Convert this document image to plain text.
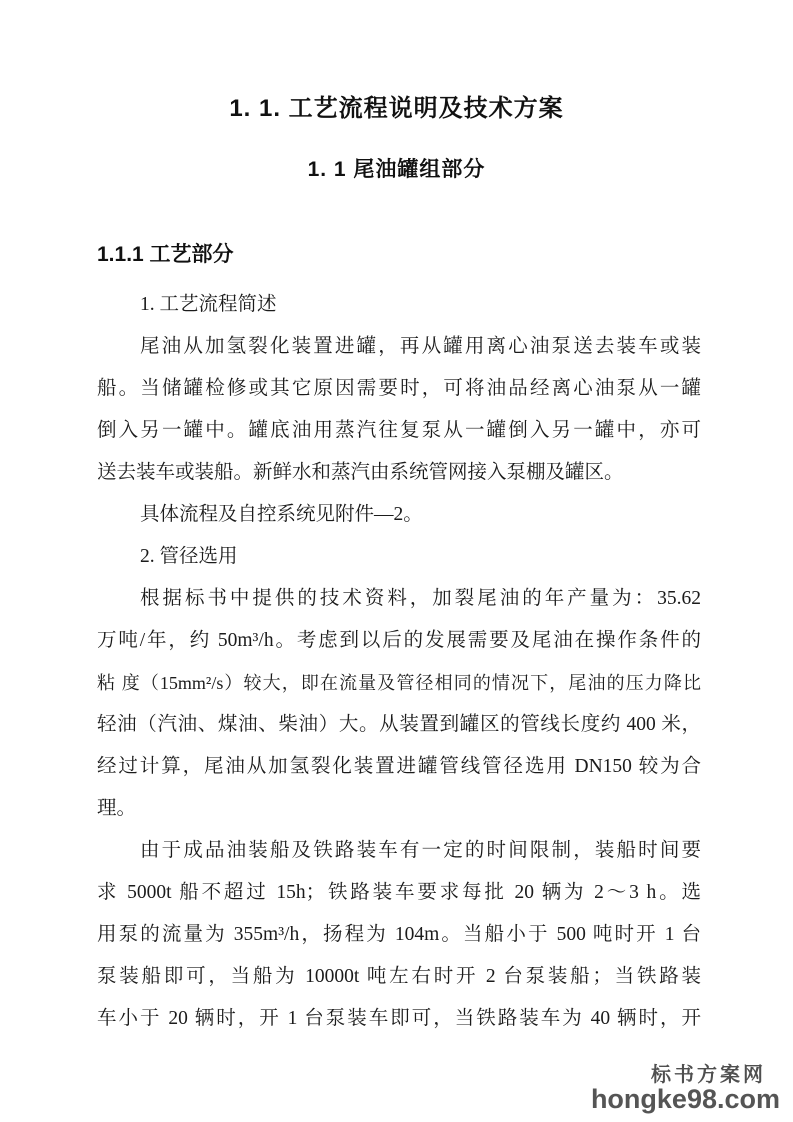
1. 1. 工艺流程说明及技术方案
1. 1 尾油罐组部分
1.1.1 工艺部分
1. 工艺流程简述
尾油从加氢裂化装置进罐，再从罐用离心油泵送去装车或装
船。当储罐检修或其它原因需要时，可将油品经离心油泵从一罐
倒入另一罐中。罐底油用蒸汽往复泵从一罐倒入另一罐中，亦可
送去装车或装船。新鲜水和蒸汽由系统管网接入泵棚及罐区。
具体流程及自控系统见附件—2。
2. 管径选用
根据标书中提供的技术资料，加裂尾油的年产量为：35.62
万吨/年，约 50m³/h。考虑到以后的发展需要及尾油在操作条件的
粘 度（15mm²/s）较大，即在流量及管径相同的情况下，尾油的压力降比
轻油（汽油、煤油、柴油）大。从装置到罐区的管线长度约 400 米，
经过计算，尾油从加氢裂化装置进罐管线管径选用 DN150 较为合
理。
由于成品油装船及铁路装车有一定的时间限制，装船时间要
求 5000t 船不超过 15h；铁路装车要求每批 20 辆为 2～3 h。选
用泵的流量为 355m³/h，扬程为 104m。当船小于 500 吨时开 1 台
泵装船即可，当船为 10000t 吨左右时开 2 台泵装船；当铁路装
车小于 20 辆时，开 1 台泵装车即可，当铁路装车为 40 辆时，开
标书方案网
hongke98.com
